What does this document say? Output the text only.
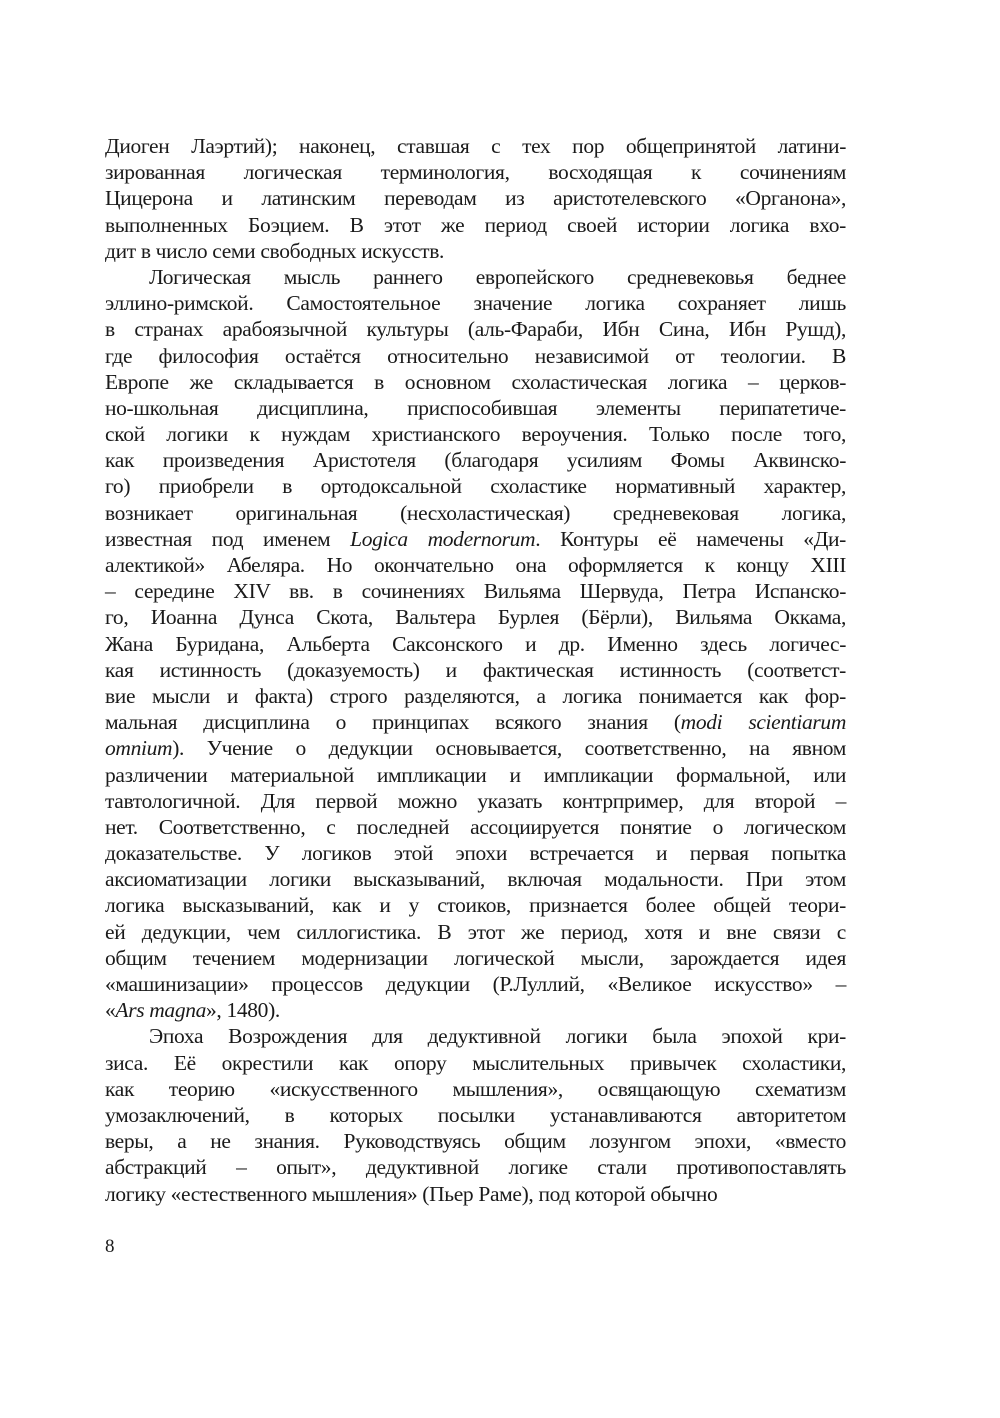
Диоген Лаэртий); наконец, ставшая с тех пор общепринятой латини-
зированная логическая терминология, восходящая к сочинениям
Цицерона и латинским переводам из аристотелевского «Органона»,
выполненных Боэцием. В этот же период своей истории логика вхо-
дит в число семи свободных искусств.
Логическая мысль раннего европейского средневековья беднее
эллино-римской. Самостоятельное значение логика сохраняет лишь
в странах арабоязычной культуры (аль-Фараби, Ибн Сина, Ибн Рушд),
где философия остаётся относительно независимой от теологии. В
Европе же складывается в основном схоластическая логика – церков-
но-школьная дисциплина, приспособившая элементы перипатетиче-
ской логики к нуждам христианского вероучения. Только после того,
как произведения Аристотеля (благодаря усилиям Фомы Аквинско-
го) приобрели в ортодоксальной схоластике нормативный характер,
возникает оригинальная (несхоластическая) средневековая логика,
известная под именем Logica modernorum. Контуры её намечены «Ди-
алектикой» Абеляра. Но окончательно она оформляется к концу XIII
– середине XIV вв. в сочинениях Вильяма Шервуда, Петра Испанско-
го, Иоанна Дунса Скота, Вальтера Бурлея (Бёрли), Вильяма Оккама,
Жана Буридана, Альберта Саксонского и др. Именно здесь логичес-
кая истинность (доказуемость) и фактическая истинность (соответст-
вие мысли и факта) строго разделяются, а логика понимается как фор-
мальная дисциплина о принципах всякого знания (modi scientiarum
omnium). Учение о дедукции основывается, соответственно, на явном
различении материальной импликации и импликации формальной, или
тавтологичной. Для первой можно указать контрпример, для второй –
нет. Соответственно, с последней ассоциируется понятие о логическом
доказательстве. У логиков этой эпохи встречается и первая попытка
аксиоматизации логики высказываний, включая модальности. При этом
логика высказываний, как и у стоиков, признается более общей теори-
ей дедукции, чем силлогистика. В этот же период, хотя и вне связи с
общим течением модернизации логической мысли, зарождается идея
«машинизации» процессов дедукции (Р.Луллий, «Великое искусство» –
«Ars magna», 1480).
Эпоха Возрождения для дедуктивной логики была эпохой кри-
зиса. Её окрестили как опору мыслительных привычек схоластики,
как теорию «искусственного мышления», освящающую схематизм
умозаключений, в которых посылки устанавливаются авторитетом
веры, а не знания. Руководствуясь общим лозунгом эпохи, «вместо
абстракций – опыт», дедуктивной логике стали противопоставлять
логику «естественного мышления» (Пьер Раме), под которой обычно
8
